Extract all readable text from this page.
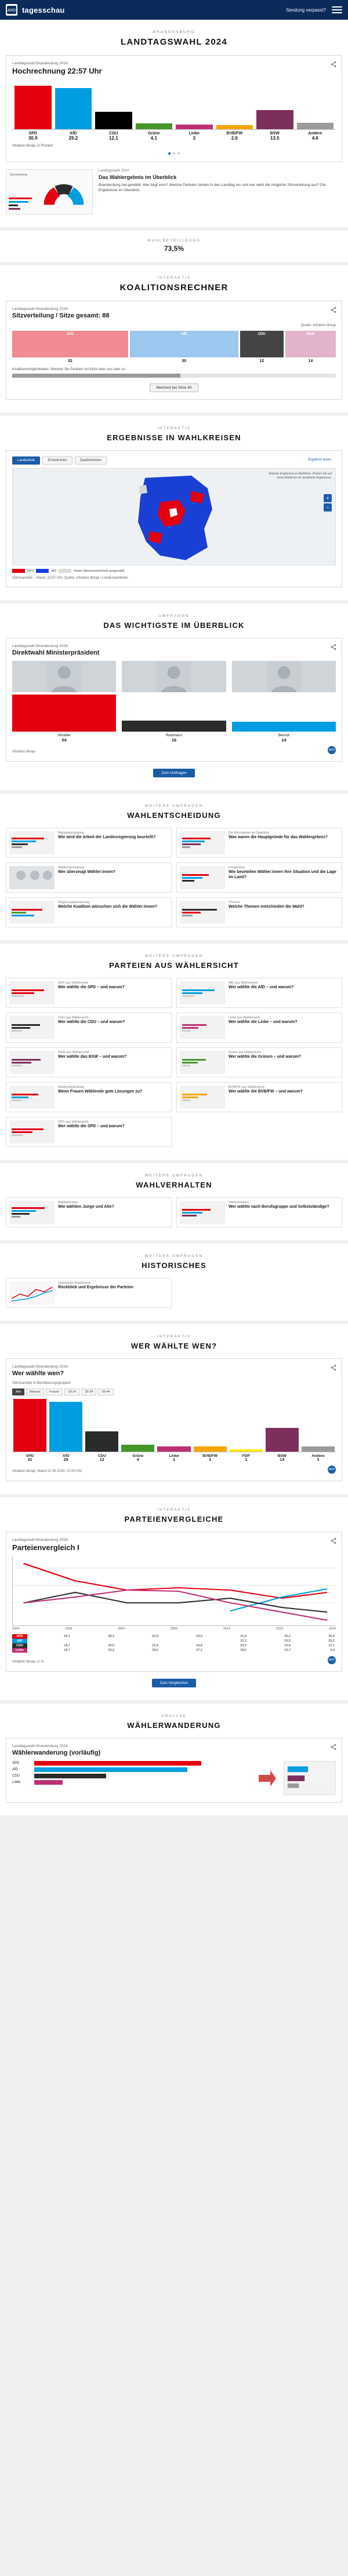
ARD tagesschau	Sendung verpasst?
BRANDENBURG
LANDTAGSWAHL 2024
Landtagswahl Brandenburg 2024
Hochrechnung 22:57 Uhr
SPD
30.9
AfD
29.2
CDU
12.1
Grüne
4.1
Linke
3
BVB/FW
2.6
BSW
13.5
Andere
4.6
Infratest dimap, in Prozent
Sitzverteilung
Landtagswahl 2024
Das Wahlergebnis im Überblick
Brandenburg hat gewählt: Wer liegt vorn? Welche Parteien ziehen in den Landtag ein und wie sieht die mögliche Sitzverteilung aus? Die Ergebnisse im Überblick.
WAHLBETEILIGUNG
73,5%
INTERAKTIV
KOALITIONSRECHNER
Landtagswahl Brandenburg 2024
Sitzverteilung / Sitze gesamt: 88
Quelle: Infratest dimap
SPD	AfD	CDU	BSW
32	30	12	14
Koalitionsmöglichkeiten: Wenden Sie Parteien mit Klick oben aus oder zu.
Mehrheit bei Sitze 45
INTERAKTIV
ERGEBNISSE IN WAHLKREISEN
Landesliste	Erststimmen	Zweitstimmen	Ergebnis lesen
Stärkste Ergebnisse je Wahlkreis. Klicken Sie auf einen Wahlkreis für detaillierte Ergebnisse.
+
−
SPD	AfD	Keine Stimmenmehrheit ausgezählt
Stimmanteile – Stand: 22:57 Uhr, Quelle: Infratest dimap / Landeswahlleiter
UMFRAGEN
DAS WICHTIGSTE IM ÜBERBLICK
Landtagswahl Brandenburg 2024
Direktwahl Ministerpräsident
Woidke
54
Redmann
16
Berndt
14
Infratest dimap	ARD
Zum Umfragen
WEITERE UMFRAGEN
WAHLENTSCHEIDUNG
Wahlentscheidung
Wie wird die Arbeit der Landesregierung beurteilt?
Die Wichtigsten im Überblick
Was waren die Hauptgründe für das Wahlergebnis?
Wahlentscheidung
Wer überzeugt Wähler:innen?
Kompetenz
Wie beurteilen Wähler:innen ihre Situation und die Lage im Land?
Regierungsbewertung
Welche Koalition wünschen sich die Wähler:innen?
Themen
Welche Themen entschieden die Wahl?
WEITERE UMFRAGEN
PARTEIEN AUS WÄHLERSICHT
SPD aus Wählersicht
Wer wählte die SPD – und warum?
AfD aus Wählersicht
Wer wählte die AfD – und warum?
CDU aus Wählersicht
Wer wählte die CDU – und warum?
Linke aus Wählersicht
Wer wählte die Linke – und warum?
BSW aus Wählersicht
Wer wählte das BSW – und warum?
Grüne aus Wählersicht
Wer wählte die Grünen – und warum?
Wahlentscheidung
Wenn Frauen Wählende gute Lösungen zu?
BVB/FW aus Wählersicht
Wer wählte die BVB/FW – und warum?
SPD aus Wählersicht
Wer wählte die SPD – und warum?
WEITERE UMFRAGEN
WAHLVERHALTEN
Wahlverhalten
Wie wählten Junge und Alte?
Wahlverhalten
Wer wählte nach Berufsgruppe und Selbstständige?
WEITERE UMFRAGEN
HISTORISCHES
Historische Ergebnisse
Rückblick und Ergebnisse der Parteien
INTERAKTIV
WER WÄHLTE WEN?
Landtagswahl Brandenburg 2024
Wer wählte wen?
Stimmanteile in Bevölkerungsgruppen
Alle	Männer	Frauen	18-24	25-34	35-44
SPD
31
AfD
29
CDU
12
Grüne
4
Linke
3
BVB/FW
3
FDP
1
BSW
14
Andere
3
Infratest dimap, Stand 22.09.2024, 22:00 Uhr	ARD
INTERAKTIV
PARTEIENVERGLEICHE
Landtagswahl Brandenburg 2024
Parteienvergleich I
1994	1999	2004	2009	2014	2019	2024
SPD	54,1	39,3	31,9	33,0	31,9	26,2	30,9
AfD					12,2	23,5	29,2
CDU	18,7	26,5	19,4	19,8	23,0	15,6	12,1
Linke	18,7	23,3	28,0	27,2	18,6	10,7	3,0
Infratest dimap, in %	ARD
Zum Vergleichen
ANALYSE
WÄHLERWANDERUNG
Landtagswahl Brandenburg 2024
Wählerwanderung (vorläufig)
SPD
AfD
CDU
Linke
